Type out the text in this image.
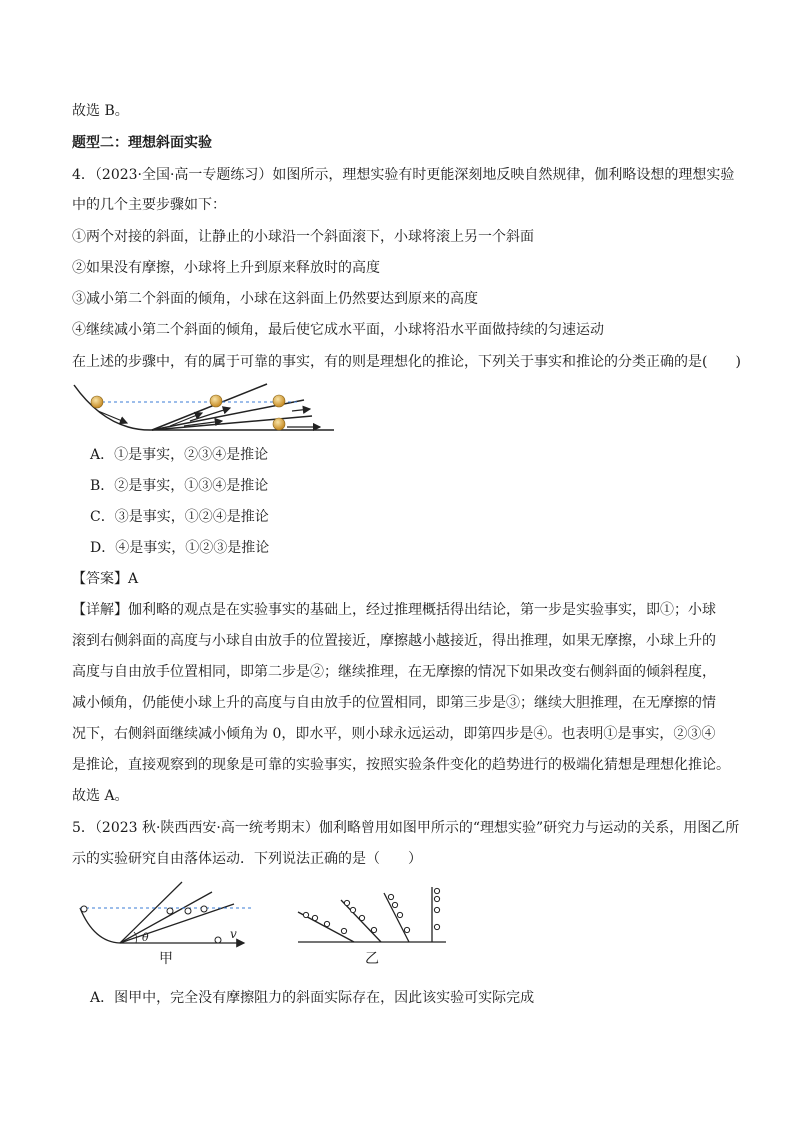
故选 B。
题型二：理想斜面实验
4．（2023·全国·高一专题练习）如图所示，理想实验有时更能深刻地反映自然规律，伽利略设想的理想实验
中的几个主要步骤如下：
①两个对接的斜面，让静止的小球沿一个斜面滚下，小球将滚上另一个斜面
②如果没有摩擦，小球将上升到原来释放时的高度
③减小第二个斜面的倾角，小球在这斜面上仍然要达到原来的高度
④继续减小第二个斜面的倾角，最后使它成水平面，小球将沿水平面做持续的匀速运动
在上述的步骤中，有的属于可靠的事实，有的则是理想化的推论，下列关于事实和推论的分类正确的是(　　)
A．①是事实，②③④是推论
B．②是事实，①③④是推论
C．③是事实，①②④是推论
D．④是事实，①②③是推论
【答案】A
【详解】伽利略的观点是在实验事实的基础上，经过推理概括得出结论，第一步是实验事实，即①；小球
滚到右侧斜面的高度与小球自由放手的位置接近，摩擦越小越接近，得出推理，如果无摩擦，小球上升的
高度与自由放手位置相同，即第二步是②；继续推理，在无摩擦的情况下如果改变右侧斜面的倾斜程度，
减小倾角，仍能使小球上升的高度与自由放手的位置相同，即第三步是③；继续大胆推理，在无摩擦的情
况下，右侧斜面继续减小倾角为 0，即水平，则小球永远运动，即第四步是④。也表明①是事实，②③④
是推论，直接观察到的现象是可靠的实验事实，按照实验条件变化的趋势进行的极端化猜想是理想化推论。
故选 A。
5．（2023 秋·陕西西安·高一统考期末）伽利略曾用如图甲所示的“理想实验”研究力与运动的关系，用图乙所
示的实验研究自由落体运动．下列说法正确的是（　　）
θ	v
甲	乙
A．图甲中，完全没有摩擦阻力的斜面实际存在，因此该实验可实际完成
